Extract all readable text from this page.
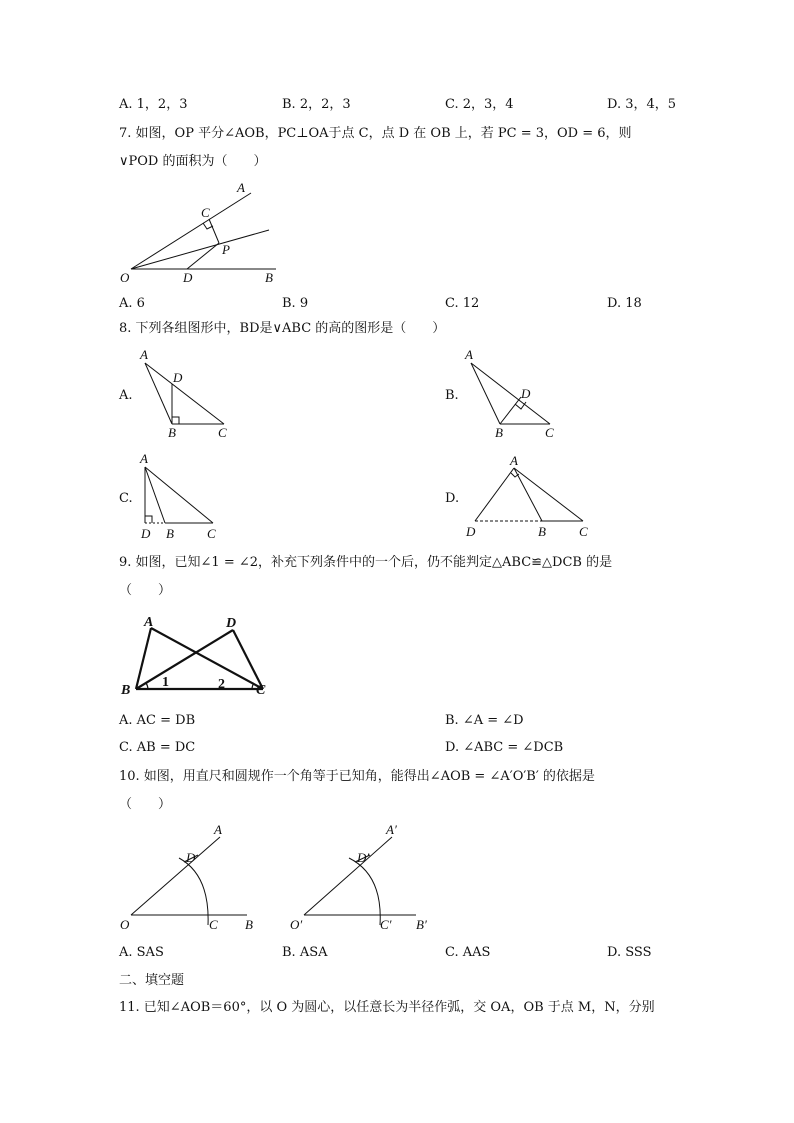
A. 1，2，3	B. 2，2，3	C. 2，3，4	D. 3，4，5
7. 如图，OP 平分∠AOB，PC⊥OA于点 C，点 D 在 OB 上，若 PC = 3，OD = 6，则
∨POD 的面积为（　　）
A
C
P
O	D	B
A. 6	B. 9	C. 12	D. 18
8. 下列各组图形中，BD是∨ABC 的高的图形是（　　）
A.	B.
C.	D.
A
D
B	C
A
D
B	C
A
D B	C
A
D	B	C
9. 如图，已知∠1 = ∠2，补充下列条件中的一个后，仍不能判定△ABC≌△DCB 的是
（　　）
A	D
B	C
1	2
A. AC = DB	B. ∠A = ∠D
C. AB = DC	D. ∠ABC = ∠DCB
10. 如图，用直尺和圆规作一个角等于已知角，能得出∠AOB = ∠A′O′B′ 的依据是
（　　）
A
D
O	C B
A′
D′
O′	C′ B′
A. SAS	B. ASA	C. AAS	D. SSS
二、填空题
11. 已知∠AOB＝60°，以 O 为圆心，以任意长为半径作弧，交 OA，OB 于点 M，N，分别
